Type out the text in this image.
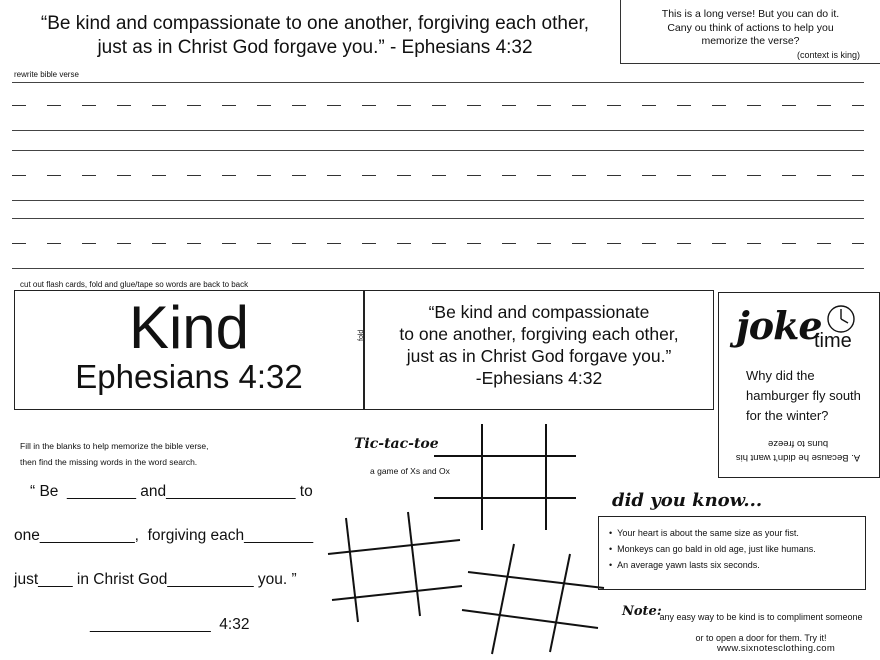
“Be kind and compassionate to one another, forgiving each other,
just as in Christ God forgave you.” - Ephesians 4:32
This is a long verse! But you can do it.
Cany ou think of actions to help you
memorize the verse?
(context is king)
rewrite bible verse
cut out flash cards, fold and glue/tape so words are back to back
Kind
Ephesians 4:32
“Be kind and compassionate
to one another, forgiving each other,
just as in Christ God forgave you.”
-Ephesians 4:32
fold	joke
time
Why did the hamburger fly south for the winter?
A. Because he didn't want his buns to freeze
Fill in the blanks to help memorize the bible verse,
then find the missing words in the word search.
“ Be  ________ and_______________ to
one___________,  forgiving each________
just____ in Christ God__________ you. ”
______________  4:32
Tic-tac-toe
a game of Xs and Ox
did you know...
• Your heart is about the same size as your fist.
• Monkeys can go bald in old age, just like humans.
• An average yawn lasts six seconds.
Note:
any easy way to be kind is to compliment someone
or to open a door for them. Try it!
www.sixnotesclothing.com
